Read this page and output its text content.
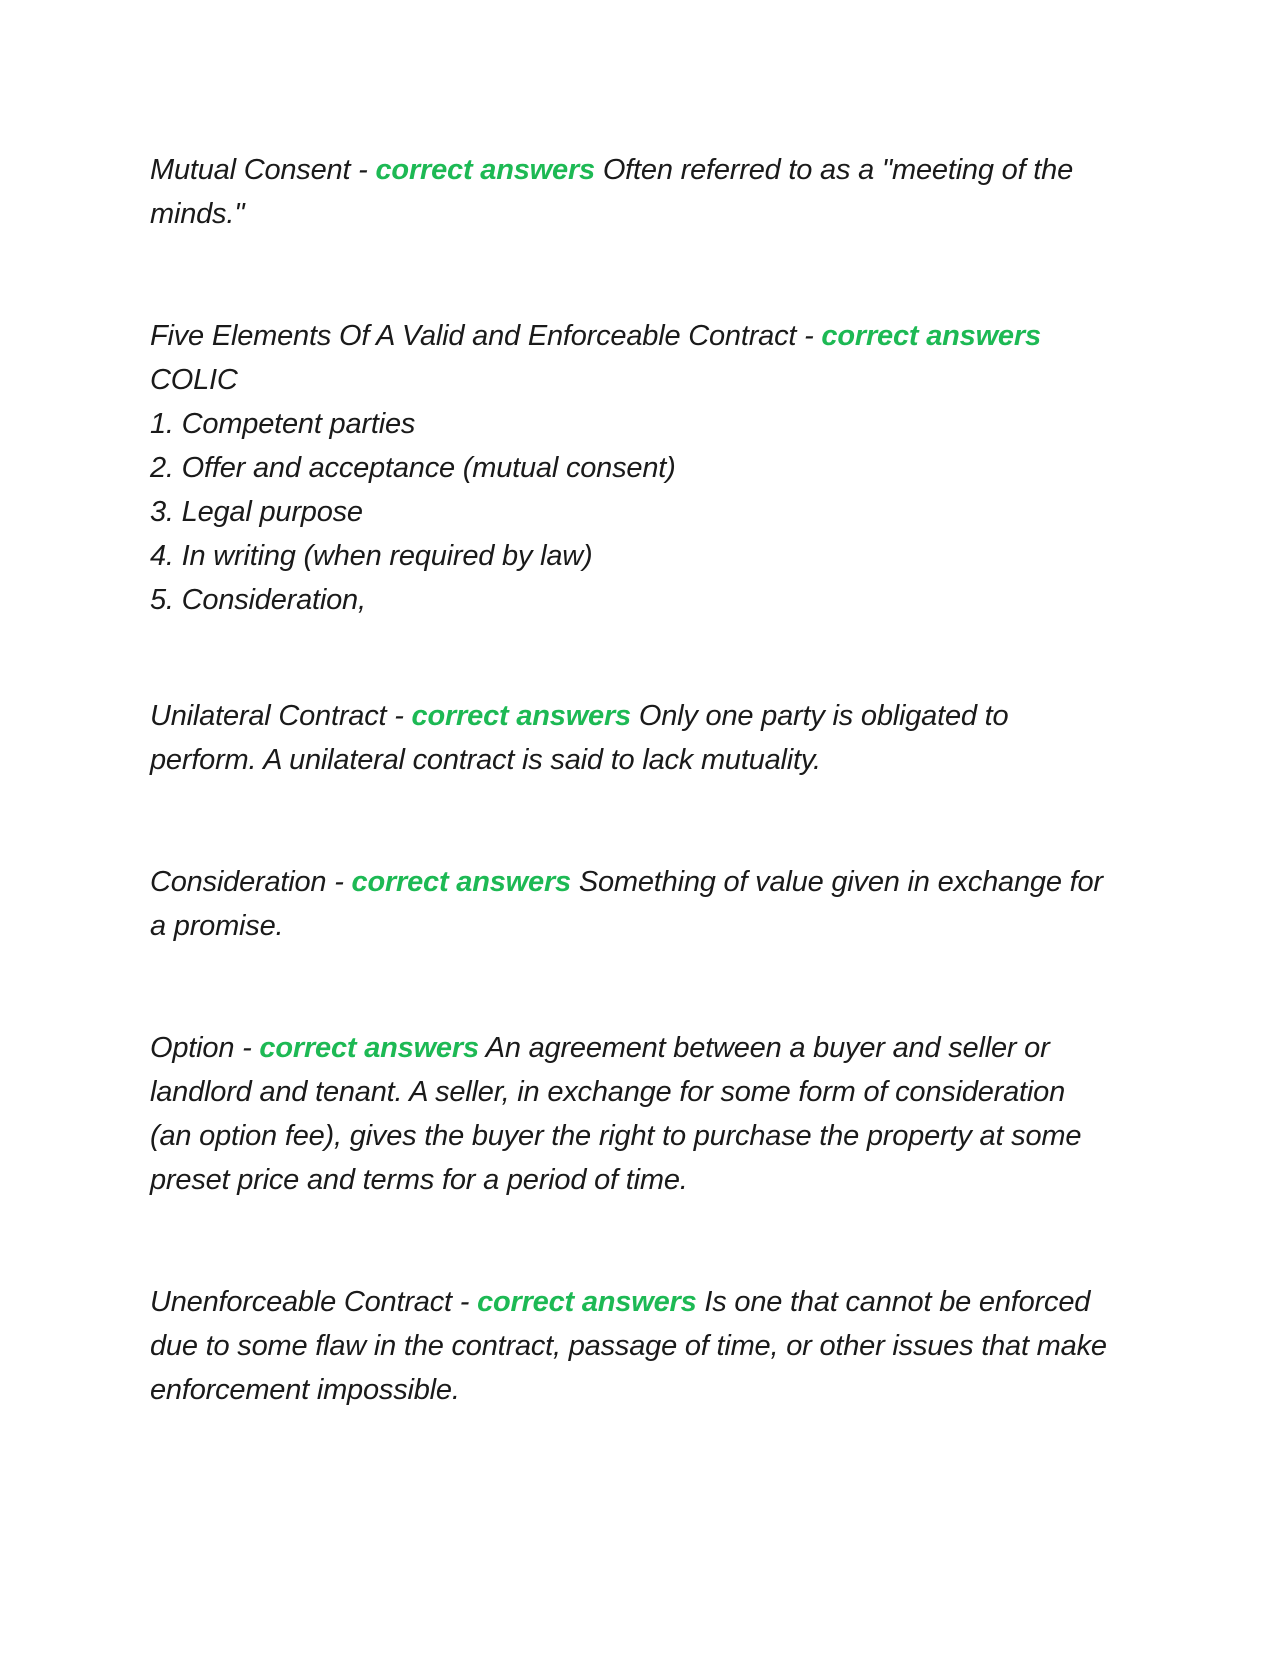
Mutual Consent - correct answers Often referred to as a "meeting of the minds."

Five Elements Of A Valid and Enforceable Contract - correct answers COLIC

1. Competent parties

2. Offer and acceptance (mutual consent)

3. Legal purpose

4. In writing (when required by law)

5. Consideration,

Unilateral Contract - correct answers Only one party is obligated to perform. A unilateral contract is said to lack mutuality.

Consideration - correct answers Something of value given in exchange for a promise.

Option - correct answers An agreement between a buyer and seller or landlord and tenant. A seller, in exchange for some form of consideration (an option fee), gives the buyer the right to purchase the property at some preset price and terms for a period of time.

Unenforceable Contract - correct answers Is one that cannot be enforced due to some flaw in the contract, passage of time, or other issues that make enforcement impossible.
